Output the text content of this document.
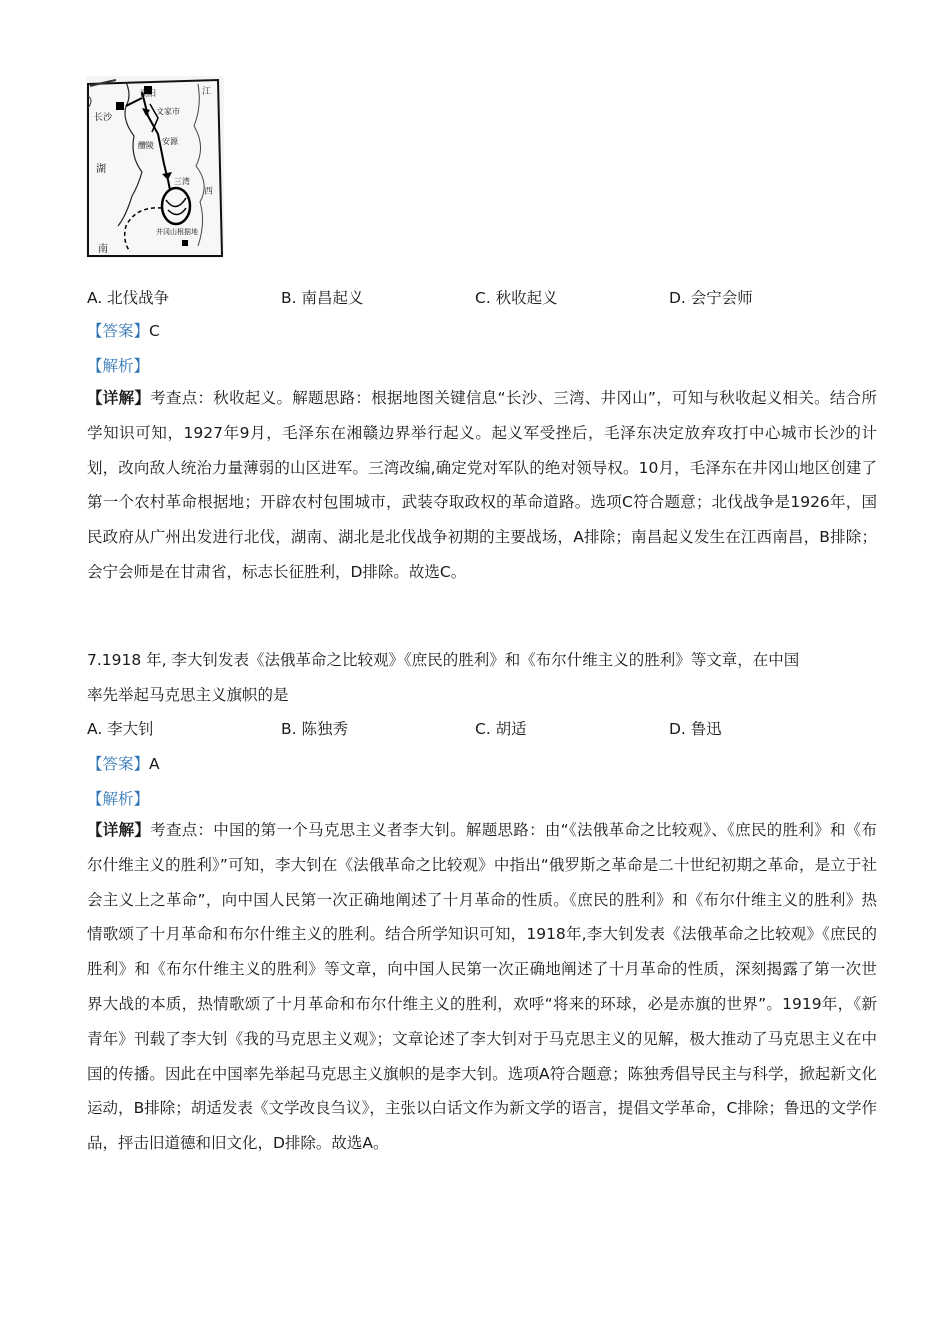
长沙
浏阳
文家市
醴陵 安源
三湾
井冈山根据地
湖
南
江
西
A. 北伐战争	B. 南昌起义	C. 秋收起义	D. 会宁会师
【答案】C
【解析】
【详解】考查点：秋收起义。解题思路：根据地图关键信息“长沙、三湾、井冈山”，可知与秋收起义相关。结合所学知识可知，1927年9月，毛泽东在湘赣边界举行起义。起义军受挫后，毛泽东决定放弃攻打中心城市长沙的计划，改向敌人统治力量薄弱的山区进军。三湾改编,确定党对军队的绝对领导权。10月，毛泽东在井冈山地区创建了第一个农村革命根据地；开辟农村包围城市，武装夺取政权的革命道路。选项C符合题意；北伐战争是1926年，国民政府从广州出发进行北伐，湖南、湖北是北伐战争初期的主要战场，A排除；南昌起义发生在江西南昌，B排除；会宁会师是在甘肃省，标志长征胜利，D排除。故选C。
7.1918 年, 李大钊发表《法俄革命之比较观》《庶民的胜利》和《布尔什维主义的胜利》等文章，在中国
率先举起马克思主义旗帜的是
A. 李大钊	B. 陈独秀	C. 胡适	D. 鲁迅
【答案】A
【解析】
【详解】考查点：中国的第一个马克思主义者李大钊。解题思路：由“《法俄革命之比较观》、《庶民的胜利》和《布尔什维主义的胜利》”可知，李大钊在《法俄革命之比较观》中指出“俄罗斯之革命是二十世纪初期之革命，是立于社会主义上之革命”，向中国人民第一次正确地阐述了十月革命的性质。《庶民的胜利》和《布尔什维主义的胜利》热情歌颂了十月革命和布尔什维主义的胜利。结合所学知识可知，1918年,李大钊发表《法俄革命之比较观》《庶民的胜利》和《布尔什维主义的胜利》等文章，向中国人民第一次正确地阐述了十月革命的性质，深刻揭露了第一次世界大战的本质，热情歌颂了十月革命和布尔什维主义的胜利，欢呼“将来的环球，必是赤旗的世界”。1919年，《新青年》刊载了李大钊《我的马克思主义观》；文章论述了李大钊对于马克思主义的见解，极大推动了马克思主义在中国的传播。因此在中国率先举起马克思主义旗帜的是李大钊。选项A符合题意；陈独秀倡导民主与科学，掀起新文化运动，B排除；胡适发表《文学改良刍议》，主张以白话文作为新文学的语言，提倡文学革命，C排除；鲁迅的文学作品，抨击旧道德和旧文化，D排除。故选A。
